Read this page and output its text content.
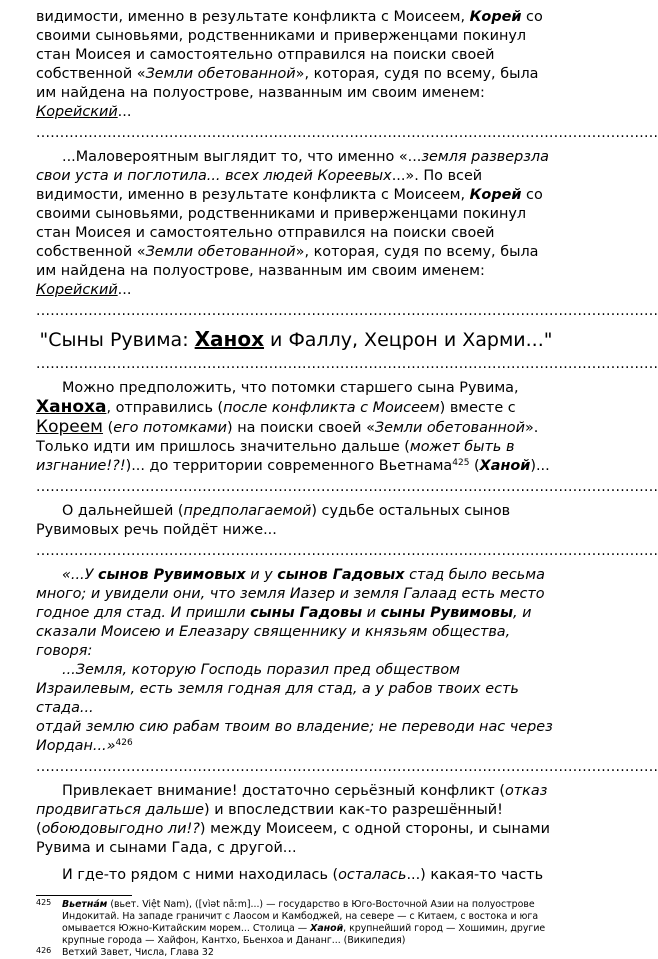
видимости, именно в результате конфликта с Моисеем, Корей со своими сыновьями, родственниками и приверженцами покинул стан Моисея и самостоятельно отправился на поиски своей собственной «Земли обетованной», которая, судя по всему, была им найдена на полуострове, названным им своим именем: Корейский...

...................................................................................................................................

...Маловероятным выглядит то, что именно «...земля разверзла свои уста и поглотила... всех людей Кореевых...». По всей видимости, именно в результате конфликта с Моисеем, Корей со своими сыновьями, родственниками и приверженцами покинул стан Моисея и самостоятельно отправился на поиски своей собственной «Земли обетованной», которая, судя по всему, была им найдена на полуострове, названным им своим именем: Корейский...

...................................................................................................................................
"Сыны Рувима: Ханох и Фаллу, Хецрон и Харми..."
...................................................................................................................................

Можно предположить, что потомки старшего сына Рувима, Ханоха, отправились (после конфликта с Моисеем) вместе с Кореем (его потомками) на поиски своей «Земли обетованной». Только идти им пришлось значительно дальше (может быть в изгнание!?!)... до территории современного Вьетнама$^{425}$ (Ханой)...

...................................................................................................................................

О дальнейшей (предполагаемой) судьбе остальных сынов Рувимовых речь пойдёт ниже...

...................................................................................................................................

«...У сынов Рувимовых и у сынов Гадовых стад было весьма много; и увидели они, что земля Иазер и земля Галаад есть место годное для стад. И пришли сыны Гадовы и сыны Рувимовы, и сказали Моисею и Елеазару священнику и князьям общества, говоря:

...Земля, которую Господь поразил пред обществом Израилевым, есть земля годная для стад, а у рабов твоих есть стада...

отдай землю сию рабам твоим во владение; не переводи нас через Иордан...»$^{426}$

...................................................................................................................................

Привлекает внимание! достаточно серьёзный конфликт (отказ продвигаться дальше) и впоследствии как-то разрешённый! (обоюдовыгодно ли!?) между Моисеем, с одной стороны, и сынами Рувима и сынами Гада, с другой...

И где-то рядом с ними находилась (осталась...) какая-то часть

425 Вьетна́м (вьет. Việt Nam), ([vìət nāːm]...) — государство в Юго-Восточной Азии на полуострове Индокитай. На западе граничит с Лаосом и Камбоджей, на севере — с Китаем, с востока и юга омывается Южно-Китайским морем... Столица — Ханой, крупнейший город — Хошимин, другие крупные города — Хайфон, Кантхо, Бьенхоа и Дананг... (Википедия)
426 Ветхий Завет, Числа, Глава 32
